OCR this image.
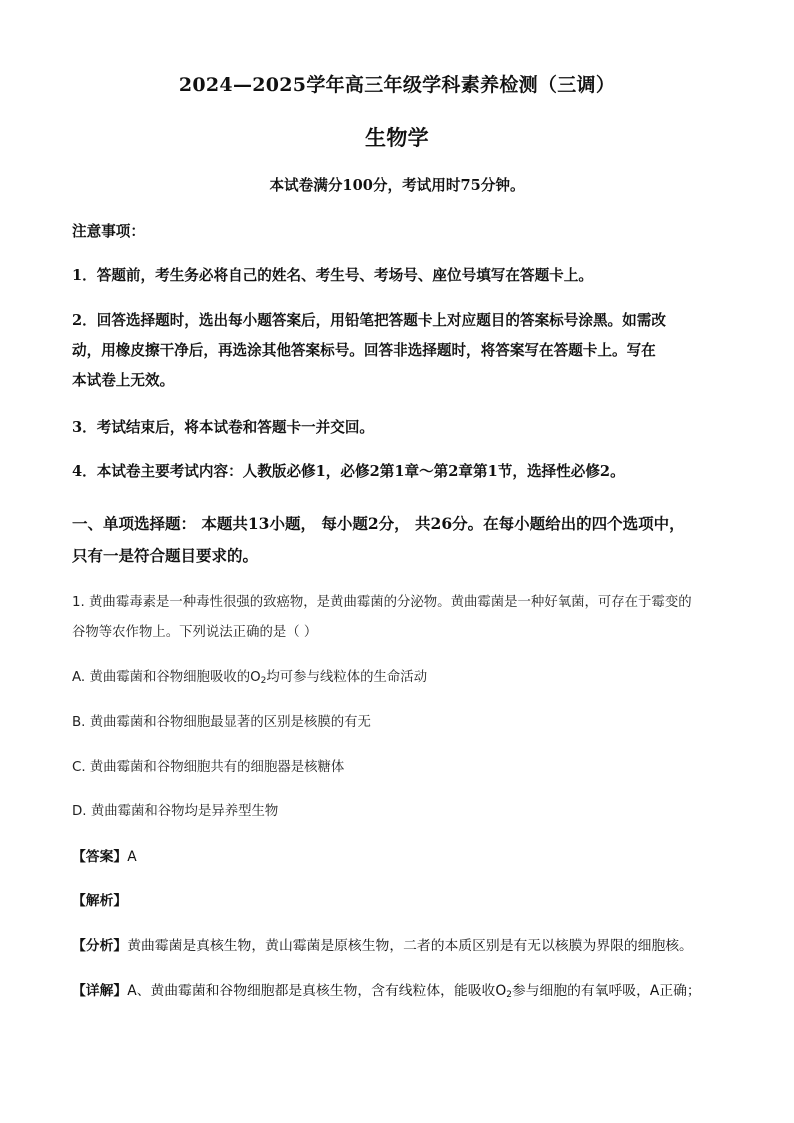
2024—2025学年高三年级学科素养检测（三调）
生物学
本试卷满分100分，考试用时75分钟。
注意事项：
1．答题前，考生务必将自己的姓名、考生号、考场号、座位号填写在答题卡上。
2．回答选择题时，选出每小题答案后，用铅笔把答题卡上对应题目的答案标号涂黑。如需改
动，用橡皮擦干净后，再选涂其他答案标号。回答非选择题时，将答案写在答题卡上。写在
本试卷上无效。
3．考试结束后，将本试卷和答题卡一并交回。
4．本试卷主要考试内容：人教版必修1，必修2第1章～第2章第1节，选择性必修2。
一、单项选择题： 本题共13小题， 每小题2分， 共26分。在每小题给出的四个选项中，
只有一是符合题目要求的。
1. 黄曲霉毒素是一种毒性很强的致癌物，是黄曲霉菌的分泌物。黄曲霉菌是一种好氧菌，可存在于霉变的
谷物等农作物上。下列说法正确的是（ ）
A. 黄曲霉菌和谷物细胞吸收的$O_2$均可参与线粒体的生命活动
B. 黄曲霉菌和谷物细胞最显著的区别是核膜的有无
C. 黄曲霉菌和谷物细胞共有的细胞器是核糖体
D. 黄曲霉菌和谷物均是异养型生物
【答案】A
【解析】
【分析】黄曲霉菌是真核生物，黄山霉菌是原核生物，二者的本质区别是有无以核膜为界限的细胞核。
【详解】A、黄曲霉菌和谷物细胞都是真核生物，含有线粒体，能吸收$O_2$参与细胞的有氧呼吸，A正确；
